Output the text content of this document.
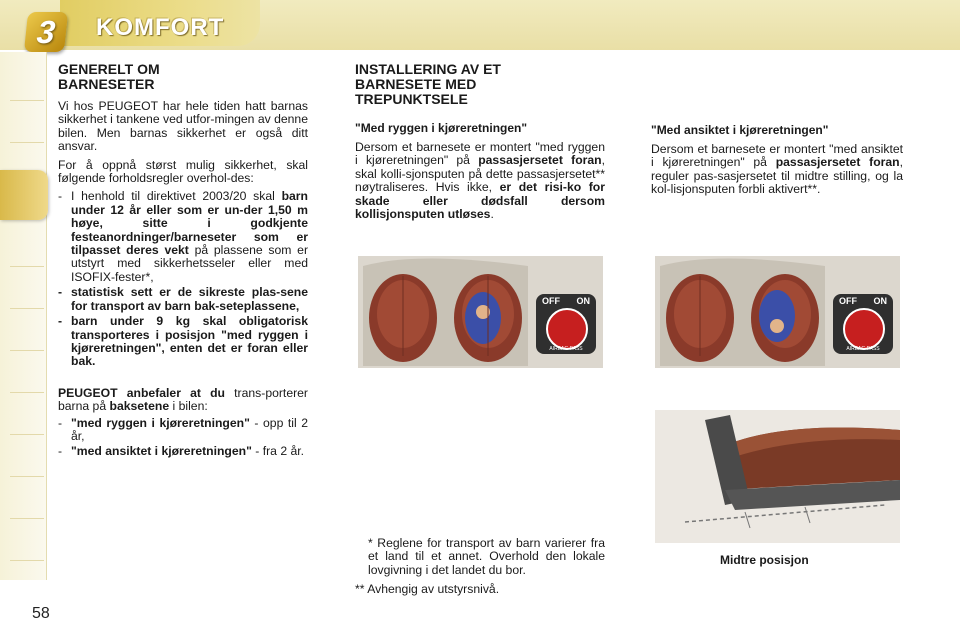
3	KOMFORT
58
GENERELT OM BARNESETER

Vi hos PEUGEOT har hele tiden hatt barnas sikkerhet i tankene ved utfor-mingen av denne bilen. Men barnas sikkerhet er også ditt ansvar.

For å oppnå størst mulig sikkerhet, skal følgende forholdsregler overhol-des:

- I henhold til direktivet 2003/20 skal barn under 12 år eller som er un-der 1,50 m høye, sitte i godkjente festeanordninger/barneseter som er tilpasset deres vekt på plassene som er utstyrt med sikkerhetsseler eller med ISOFIX-fester*,
- statistisk sett er de sikreste plas-sene for transport av barn bak-seteplassene,
- barn under 9 kg skal obligatorisk transporteres i posisjon "med ryggen i kjøreretningen", enten det er foran eller bak.

PEUGEOT anbefaler at du trans-porterer barna på baksetene i bilen:

- "med ryggen i kjøreretningen" - opp til 2 år,
- "med ansiktet i kjøreretningen" - fra 2 år.
INSTALLERING AV ET BARNESETE MED TREPUNKTSELE
"Med ryggen i kjøreretningen"

Dersom et barnesete er montert "med ryggen i kjøreretningen" på passasjersetet foran, skal kolli-sjonsputen på dette passasjersetet** nøytraliseres. Hvis ikke, er det risi-ko for skade eller dødsfall dersom kollisjonsputen utløses.

OFF ON
AIRBAG PASS
* Reglene for transport av barn varierer fra et land til et annet. Overhold den lokale lovgivning i det landet du bor.
** Avhengig av utstyrsnivå.
"Med ansiktet i kjøreretningen"

Dersom et barnesete er montert "med ansiktet i kjøreretningen" på passasjersetet foran, reguler pas-sasjersetet til midtre stilling, og la kol-lisjonsputen forbli aktivert**.

OFF ON
AIRBAG PASS
Midtre posisjon
